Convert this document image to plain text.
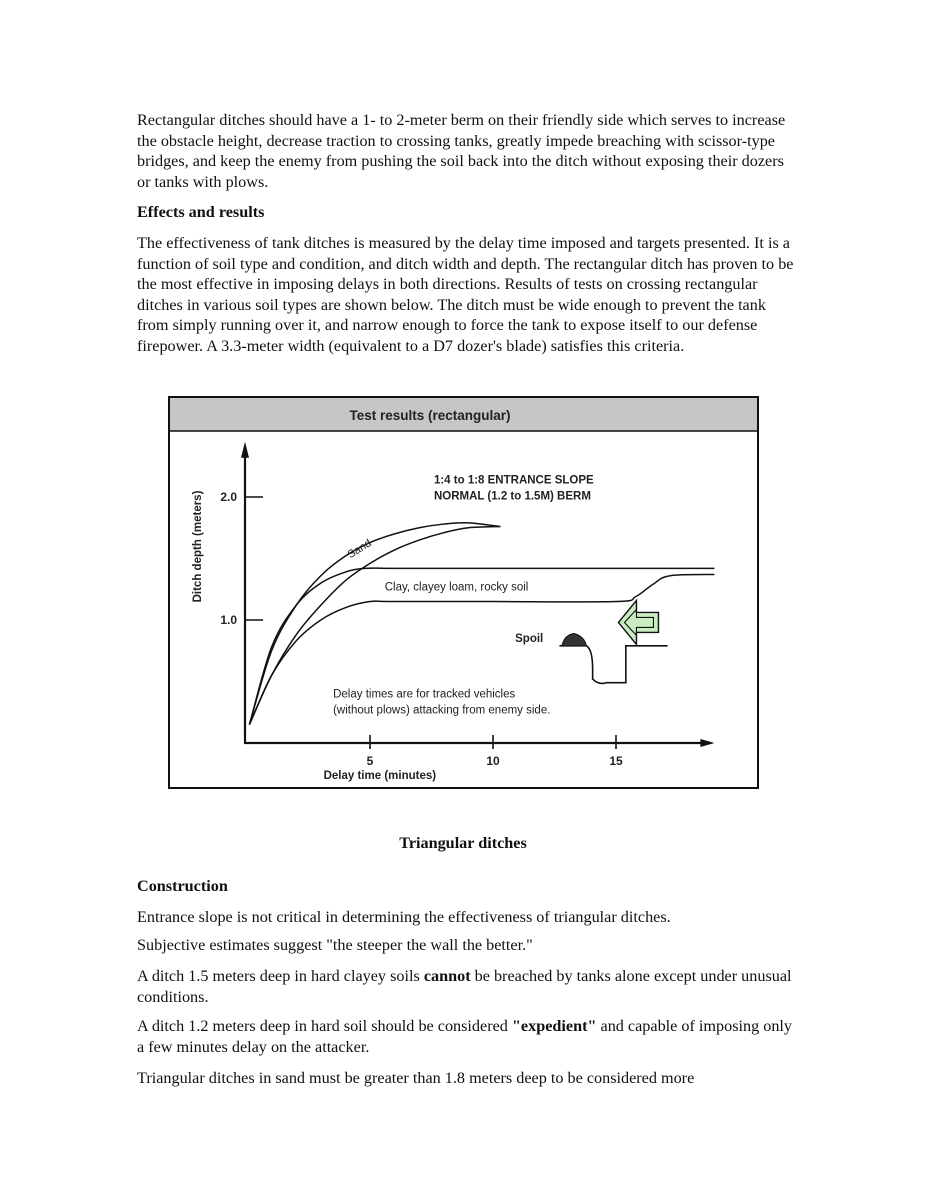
Rectangular ditches should have a 1- to 2-meter berm on their friendly side which serves to increase the obstacle height, decrease traction to crossing tanks, greatly impede breaching with scissor-type bridges, and keep the enemy from pushing the soil back into the ditch without exposing their dozers or tanks with plows.

Effects and results

The effectiveness of tank ditches is measured by the delay time imposed and targets presented. It is a function of soil type and condition, and ditch width and depth. The rectangular ditch has proven to be the most effective in imposing delays in both directions. Results of tests on crossing rectangular ditches in various soil types are shown below. The ditch must be wide enough to prevent the tank from simply running over it, and narrow enough to force the tank to expose itself to our defense firepower. A 3.3-meter width (equivalent to a D7 dozer's blade) satisfies this criteria.

Test results (rectangular)
5	10	15
1.0
2.0
Delay time (minutes)
Ditch depth (meters)
1:4 to 1:8 ENTRANCE SLOPE
NORMAL (1.2 to 1.5M) BERM
Sand
Clay, clayey loam, rocky soil
Spoil
Delay times are for tracked vehicles
(without plows) attacking from enemy side.
Triangular ditches

Construction

Entrance slope is not critical in determining the effectiveness of triangular ditches.

Subjective estimates suggest "the steeper the wall the better."

A ditch 1.5 meters deep in hard clayey soils cannot be breached by tanks alone except under unusual conditions.

A ditch 1.2 meters deep in hard soil should be considered "expedient" and capable of imposing only a few minutes delay on the attacker.

Triangular ditches in sand must be greater than 1.8 meters deep to be considered more
